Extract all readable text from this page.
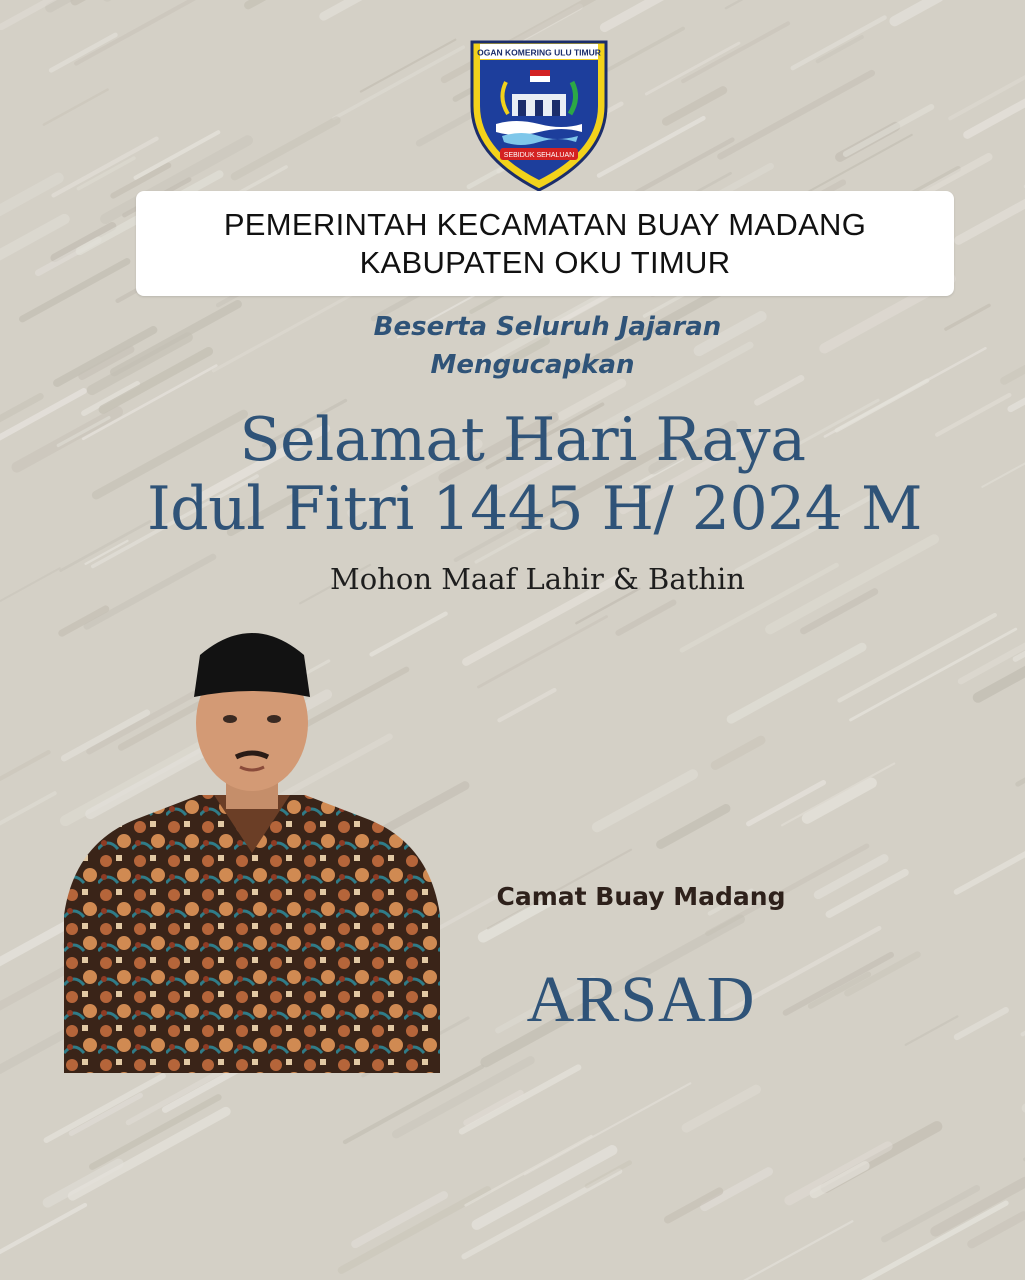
OGAN KOMERING ULU TIMUR
SEBIDUK SEHALUAN
PEMERINTAH KECAMATAN BUAY MADANG
KABUPATEN OKU TIMUR
Beserta Seluruh Jajaran
Mengucapkan
Selamat Hari Raya
Idul Fitri 1445 H/ 2024 M
Mohon Maaf Lahir & Bathin
Camat Buay Madang
ARSAD
